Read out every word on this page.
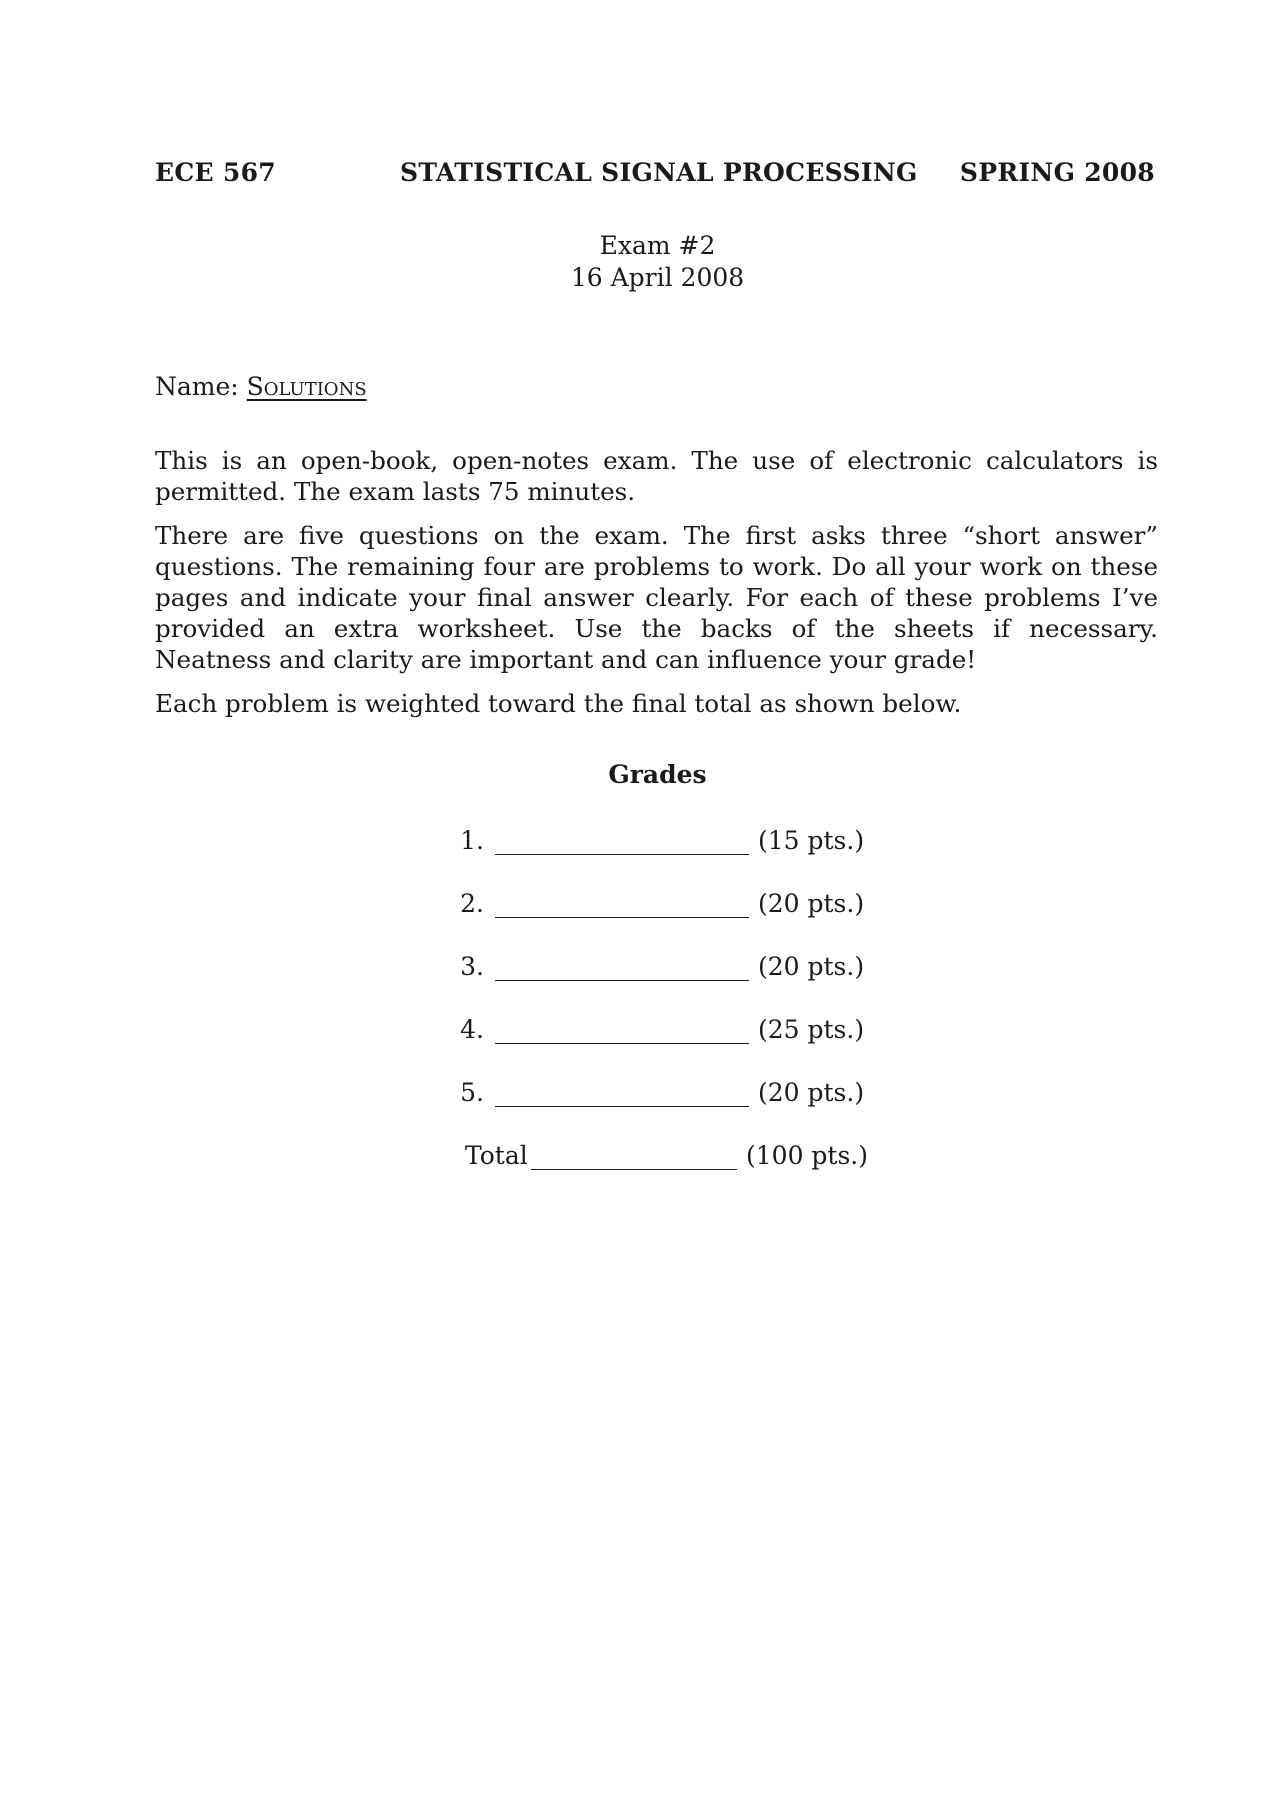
ECE 567	STATISTICAL SIGNAL PROCESSING SPRING 2008
Exam #2
16 April 2008
Name: Solutions

This is an open-book, open-notes exam. The use of electronic calculators is permitted. The exam lasts 75 minutes.

There are five questions on the exam. The first asks three “short answer” questions. The remaining four are problems to work. Do all your work on these pages and indicate your final answer clearly. For each of these problems I’ve provided an extra worksheet. Use the backs of the sheets if necessary. Neatness and clarity are important and can influence your grade!

Each problem is weighted toward the final total as shown below.

Grades
1.	(15 pts.)
2.	(20 pts.)
3.	(20 pts.)
4.	(25 pts.)
5.	(20 pts.)
Total	(100 pts.)
